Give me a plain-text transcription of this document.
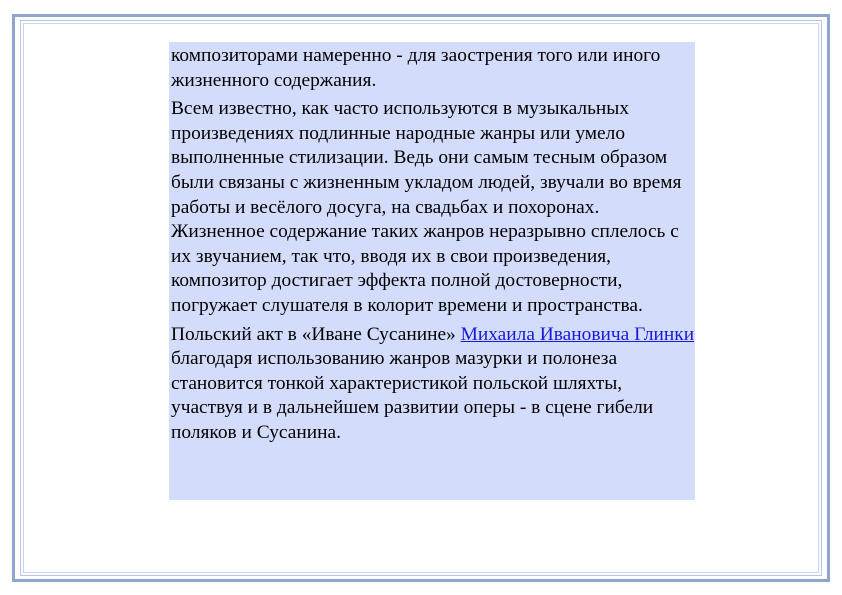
композиторами намеренно - для заострения того или иного жизненного содержания.

Всем известно, как часто используются в музыкальных произведениях подлинные народные жанры или умело выполненные стилизации. Ведь они самым тесным образом были связаны с жизненным укладом людей, звучали во время работы и весёлого досуга, на свадьбах и похоронах. Жизненное содержание таких жанров неразрывно сплелось с их звучанием, так что, вводя их в свои произведения, композитор достигает эффекта полной достоверности, погружает слушателя в колорит времени и пространства.

Польский акт в «Иване Сусанине» Михаила Ивановича Глинки благодаря использованию жанров мазурки и полонеза становится тонкой характеристикой польской шляхты, участвуя и в дальнейшем развитии оперы - в сцене гибели поляков и Сусанина.
